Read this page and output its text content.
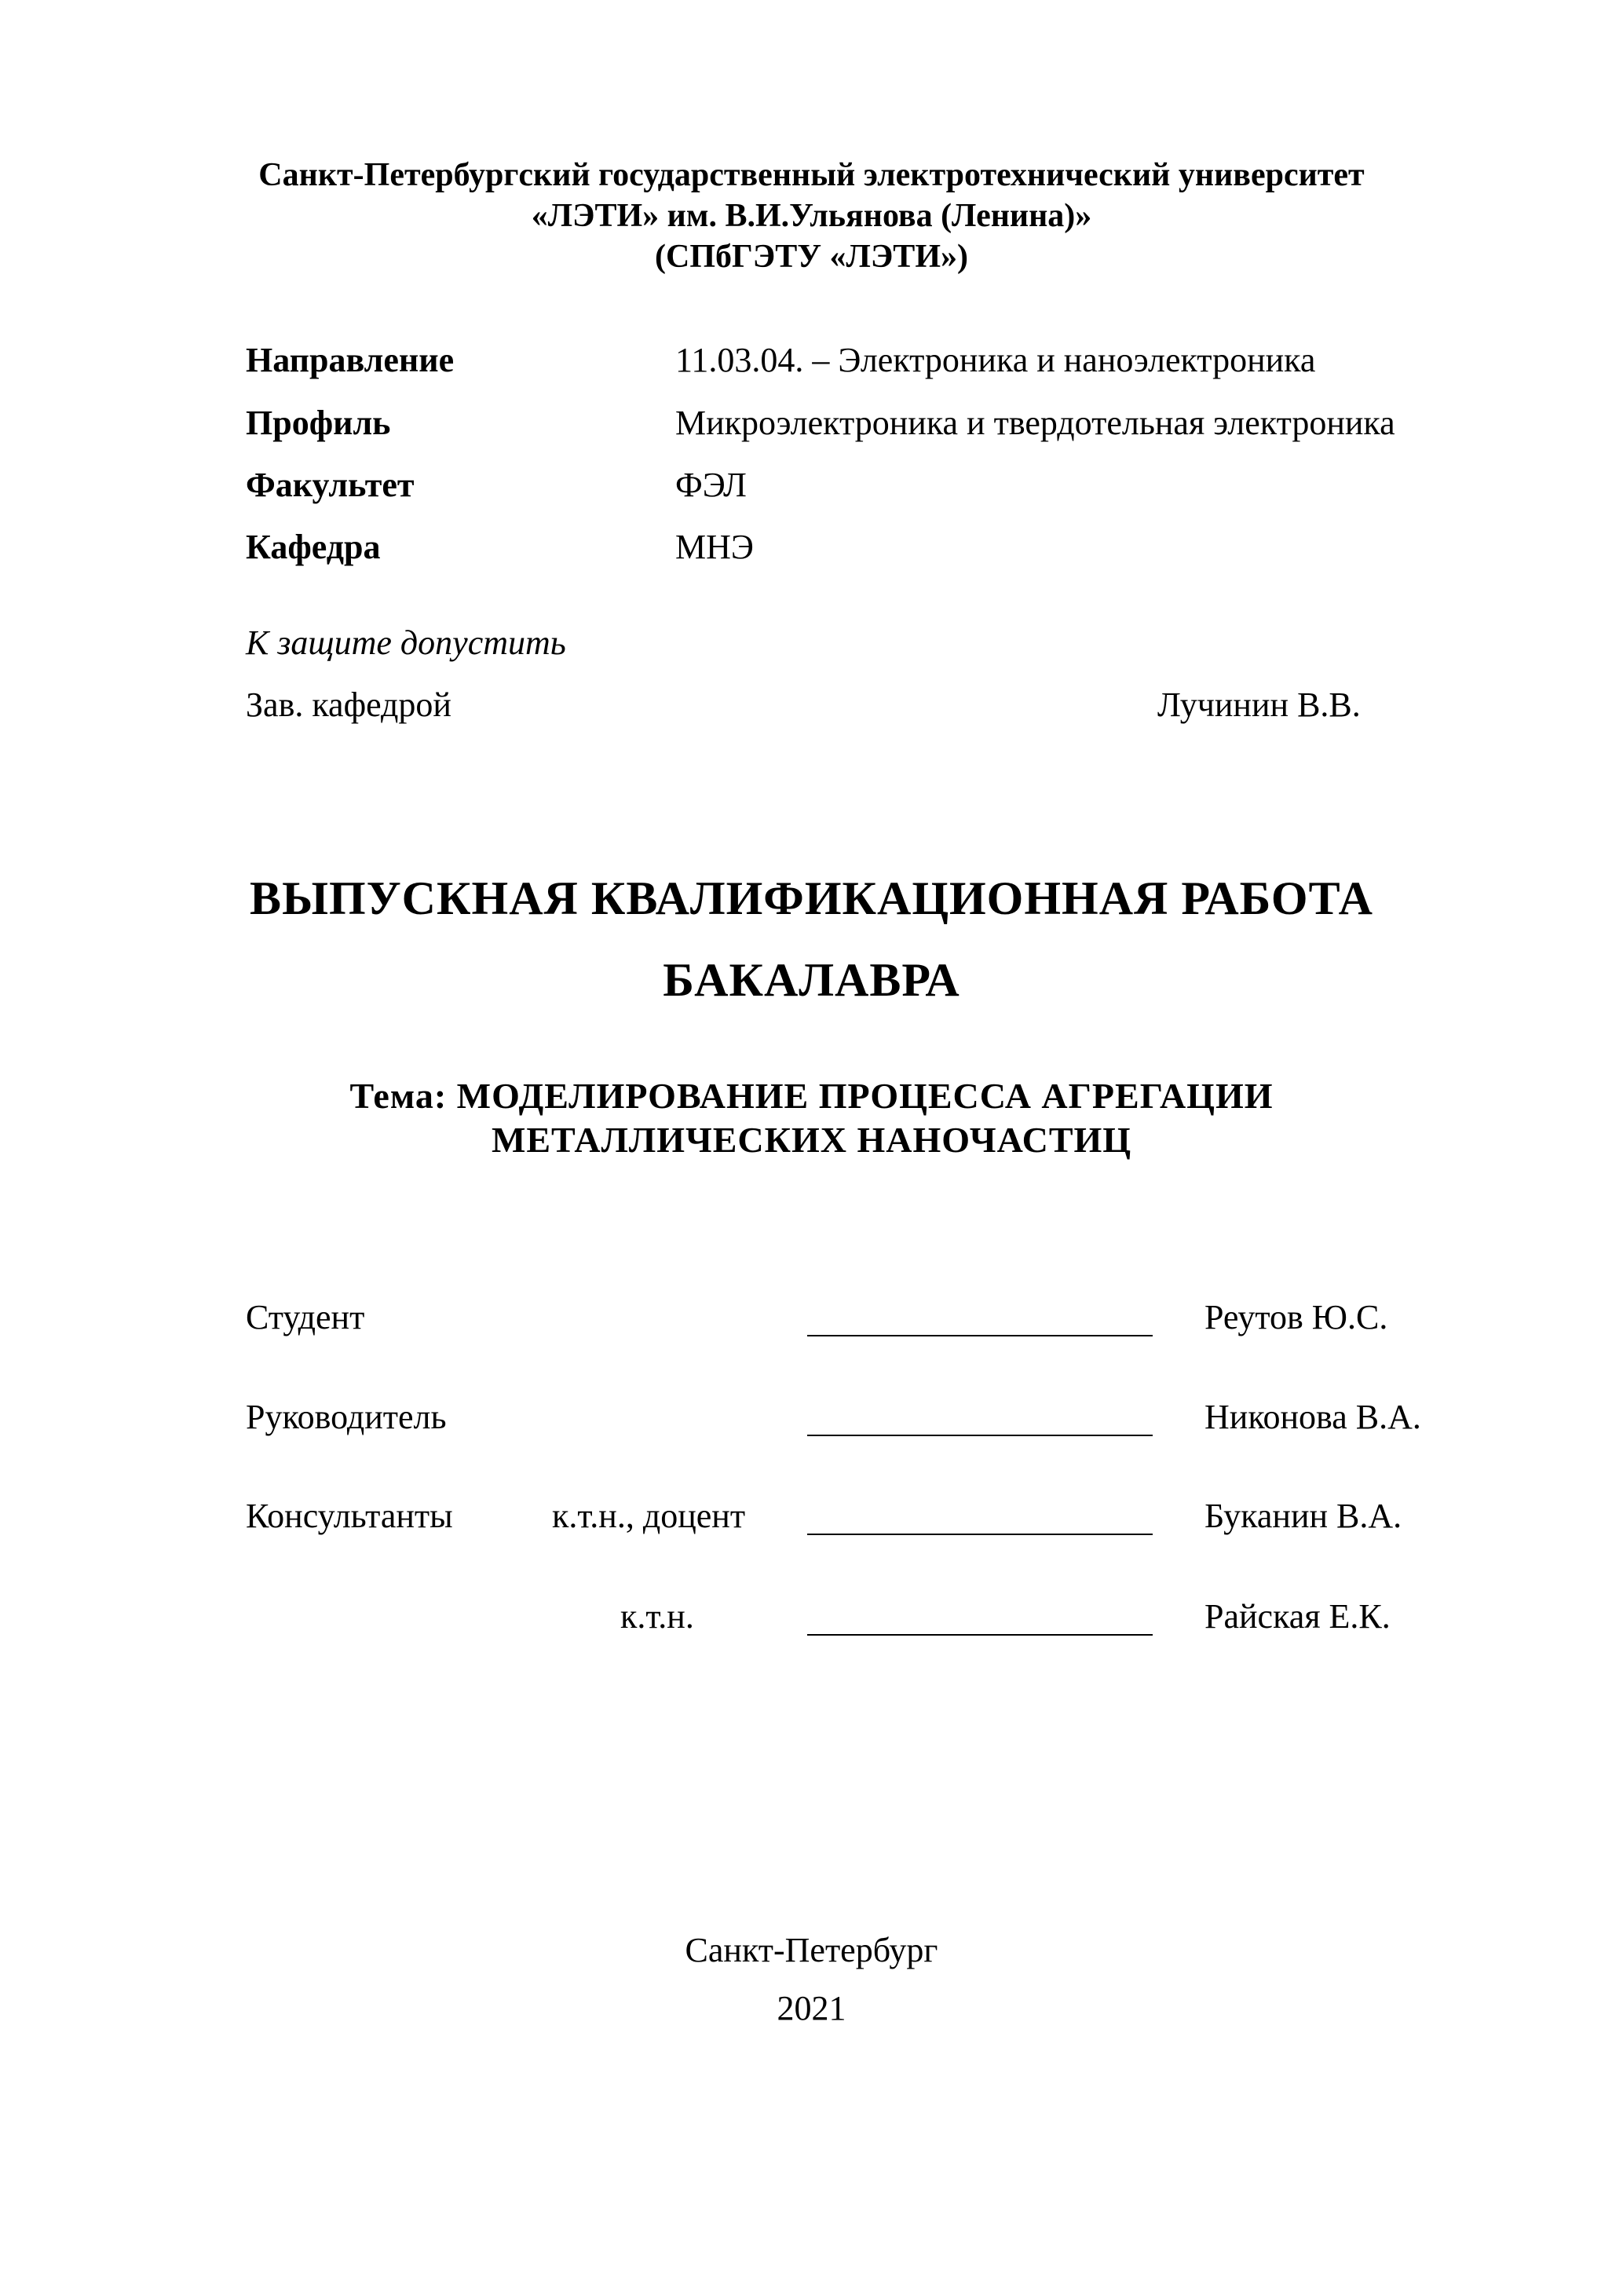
Санкт-Петербургский государственный электротехнический университет
«ЛЭТИ» им. В.И.Ульянова (Ленина)»
(СПбГЭТУ «ЛЭТИ»)
Направление	11.03.04. – Электроника и наноэлектроника
Профиль	Микроэлектроника и твердотельная электроника
Факультет	ФЭЛ
Кафедра	МНЭ
К защите допустить
Зав. кафедрой	Лучинин В.В.
ВЫПУСКНАЯ КВАЛИФИКАЦИОННАЯ РАБОТА
БАКАЛАВРА
Тема: МОДЕЛИРОВАНИЕ ПРОЦЕССА АГРЕГАЦИИ
МЕТАЛЛИЧЕСКИХ НАНОЧАСТИЦ
Студент	Реутов Ю.С.
Руководитель	Никонова В.А.
Консультанты	к.т.н., доцент	Буканин В.А.
к.т.н.	Райская Е.К.
Санкт-Петербург
2021
